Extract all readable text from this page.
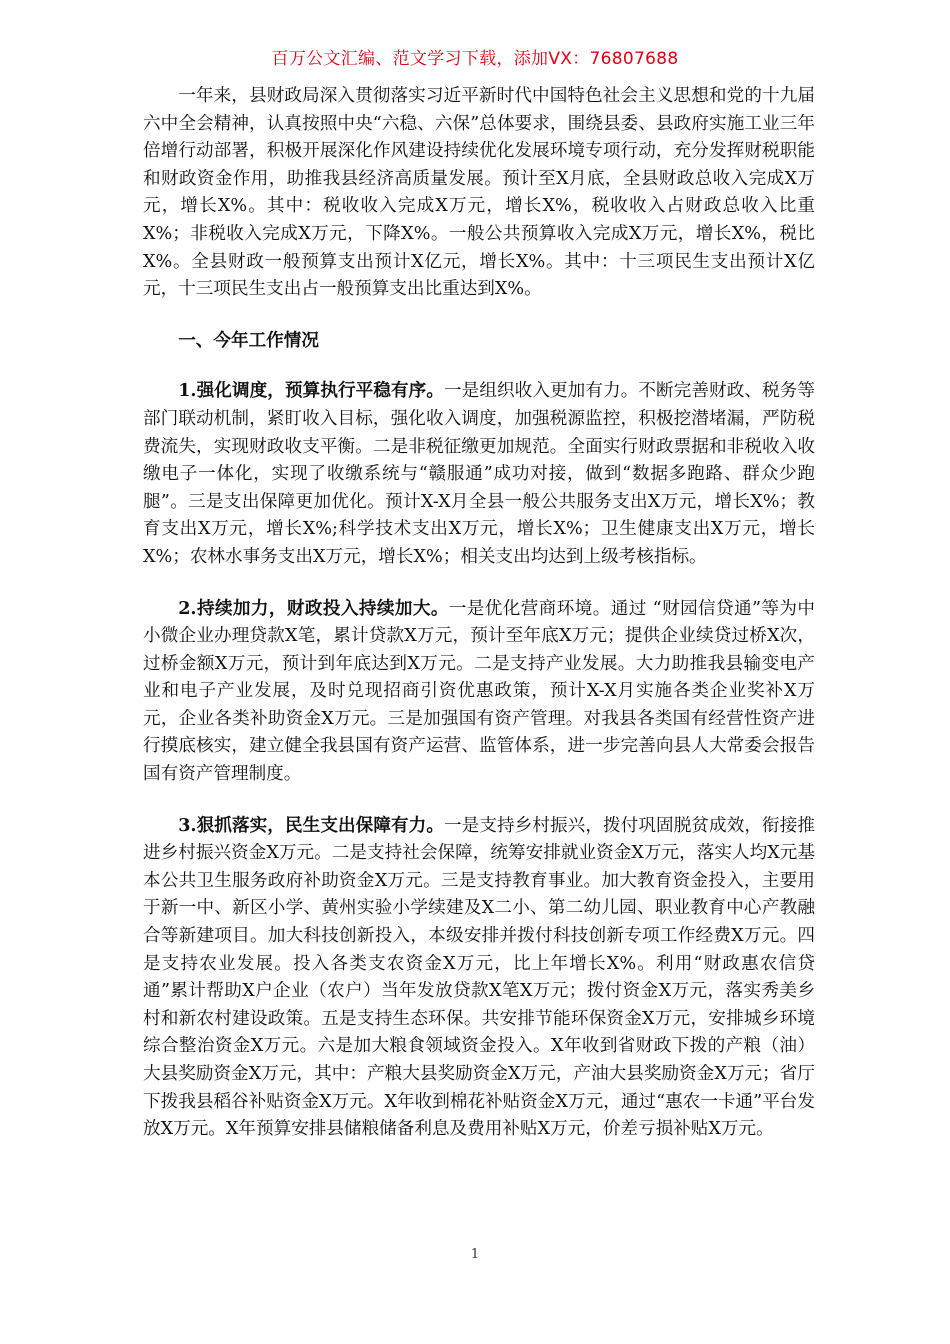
百万公文汇编、范文学习下载，添加VX：76807688

一年来，县财政局深入贯彻落实习近平新时代中国特色社会主义思想和党的十九届六中全会精神，认真按照中央“六稳、六保”总体要求，围绕县委、县政府实施工业三年倍增行动部署，积极开展深化作风建设持续优化发展环境专项行动，充分发挥财税职能和财政资金作用，助推我县经济高质量发展。预计至X月底，全县财政总收入完成X万元，增长X%。其中：税收收入完成X万元，增长X%，税收收入占财政总收入比重X%；非税收入完成X万元，下降X%。一般公共预算收入完成X万元，增长X%，税比X%。全县财政一般预算支出预计X亿元，增长X%。其中：十三项民生支出预计X亿元，十三项民生支出占一般预算支出比重达到X%。

一、今年工作情况

1.强化调度，预算执行平稳有序。一是组织收入更加有力。不断完善财政、税务等部门联动机制，紧盯收入目标，强化收入调度，加强税源监控，积极挖潜堵漏，严防税费流失，实现财政收支平衡。二是非税征缴更加规范。全面实行财政票据和非税收入收缴电子一体化，实现了收缴系统与“赣服通”成功对接，做到“数据多跑路、群众少跑腿”。三是支出保障更加优化。预计X-X月全县一般公共服务支出X万元，增长X%；教育支出X万元，增长X%;科学技术支出X万元，增长X%；卫生健康支出X万元，增长X%；农林水事务支出X万元，增长X%；相关支出均达到上级考核指标。

2.持续加力，财政投入持续加大。一是优化营商环境。通过 “财园信贷通”等为中小微企业办理贷款X笔，累计贷款X万元，预计至年底X万元；提供企业续贷过桥X次，过桥金额X万元，预计到年底达到X万元。二是支持产业发展。大力助推我县输变电产业和电子产业发展，及时兑现招商引资优惠政策，预计X-X月实施各类企业奖补X万元，企业各类补助资金X万元。三是加强国有资产管理。对我县各类国有经营性资产进行摸底核实，建立健全我县国有资产运营、监管体系，进一步完善向县人大常委会报告国有资产管理制度。

3.狠抓落实，民生支出保障有力。一是支持乡村振兴，拨付巩固脱贫成效，衔接推进乡村振兴资金X万元。二是支持社会保障，统筹安排就业资金X万元，落实人均X元基本公共卫生服务政府补助资金X万元。三是支持教育事业。加大教育资金投入，主要用于新一中、新区小学、黄州实验小学续建及X二小、第二幼儿园、职业教育中心产教融合等新建项目。加大科技创新投入，本级安排并拨付科技创新专项工作经费X万元。四是支持农业发展。投入各类支农资金X万元，比上年增长X%。利用“财政惠农信贷通”累计帮助X户企业（农户）当年发放贷款X笔X万元；拨付资金X万元，落实秀美乡村和新农村建设政策。五是支持生态环保。共安排节能环保资金X万元，安排城乡环境综合整治资金X万元。六是加大粮食领域资金投入。X年收到省财政下拨的产粮（油）大县奖励资金X万元，其中：产粮大县奖励资金X万元，产油大县奖励资金X万元；省厅下拨我县稻谷补贴资金X万元。X年收到棉花补贴资金X万元，通过“惠农一卡通”平台发放X万元。X年预算安排县储粮储备利息及费用补贴X万元，价差亏损补贴X万元。

1
